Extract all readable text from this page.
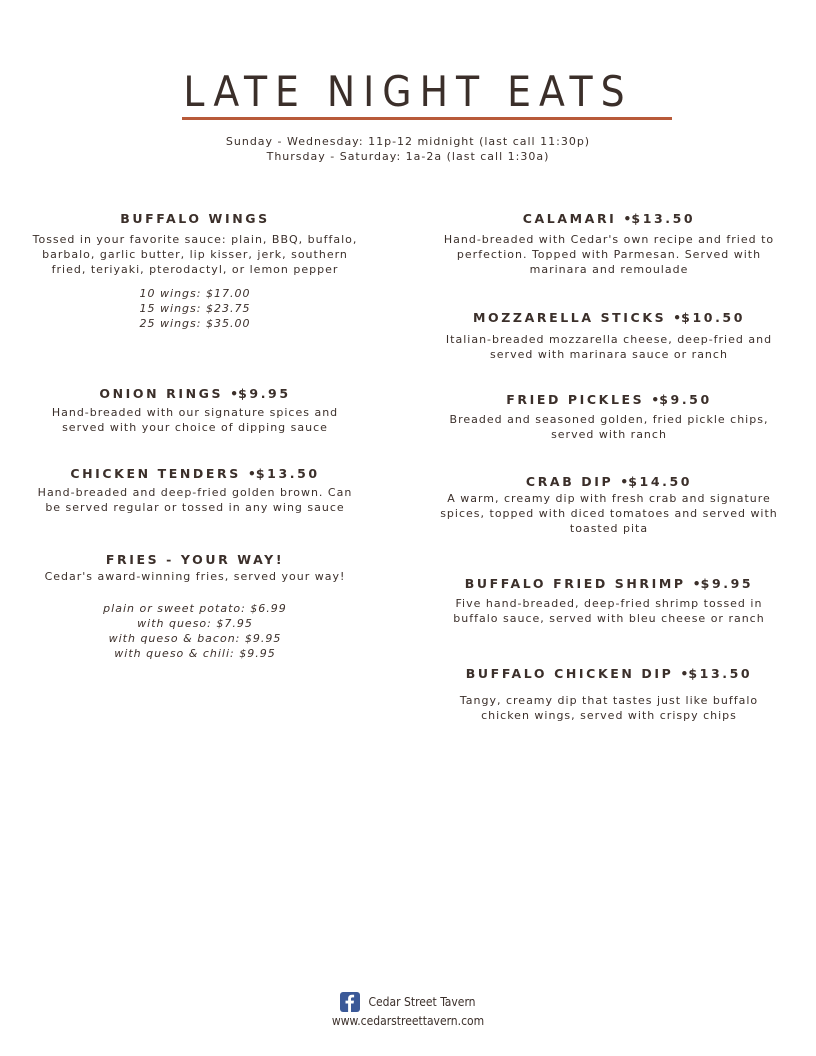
LATE NIGHT EATS
Sunday - Wednesday: 11p-12 midnight (last call 11:30p)
Thursday - Saturday: 1a-2a (last call 1:30a)
BUFFALO WINGS
Tossed in your favorite sauce: plain, BBQ, buffalo, barbalo, garlic butter, lip kisser, jerk, southern fried, teriyaki, pterodactyl, or lemon pepper
10 wings: $17.00
15 wings: $23.75
25 wings: $35.00
ONION RINGS •$9.95
Hand-breaded with our signature spices and served with your choice of dipping sauce
CHICKEN TENDERS •$13.50
Hand-breaded and deep-fried golden brown. Can be served regular or tossed in any wing sauce
FRIES - YOUR WAY!
Cedar's award-winning fries, served your way!
plain or sweet potato: $6.99
with queso: $7.95
with queso & bacon: $9.95
with queso & chili: $9.95
CALAMARI •$13.50
Hand-breaded with Cedar's own recipe and fried to perfection. Topped with Parmesan. Served with marinara and remoulade
MOZZARELLA STICKS •$10.50
Italian-breaded mozzarella cheese, deep-fried and served with marinara sauce or ranch
FRIED PICKLES •$9.50
Breaded and seasoned golden, fried pickle chips, served with ranch
CRAB DIP •$14.50
A warm, creamy dip with fresh crab and signature spices, topped with diced tomatoes and served with toasted pita
BUFFALO FRIED SHRIMP •$9.95
Five hand-breaded, deep-fried shrimp tossed in buffalo sauce, served with bleu cheese or ranch
BUFFALO CHICKEN DIP •$13.50
Tangy, creamy dip that tastes just like buffalo chicken wings, served with crispy chips
Cedar Street Tavern
www.cedarstreettavern.com
